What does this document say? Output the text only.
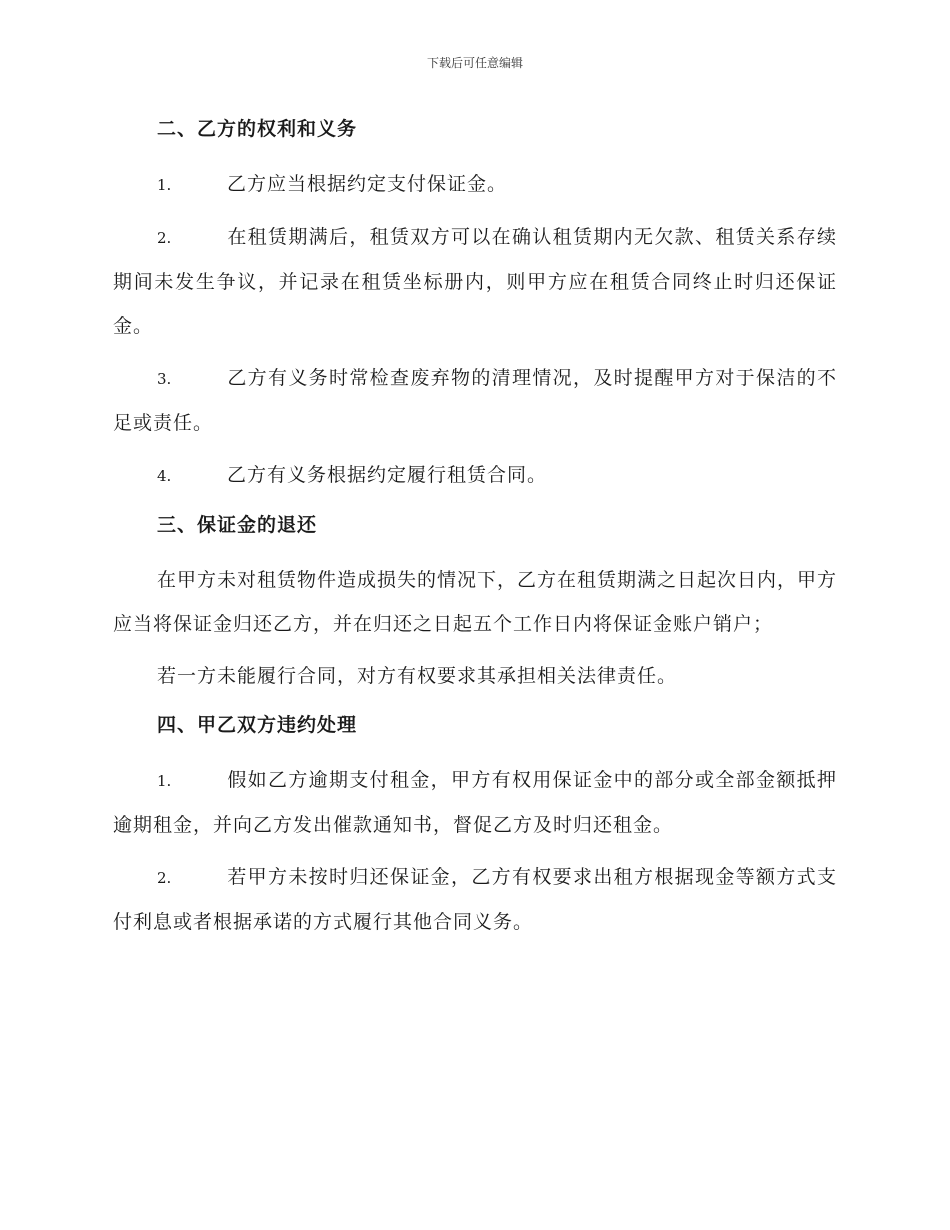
下载后可任意编辑
二、乙方的权利和义务
1.	乙方应当根据约定支付保证金。
2.	在租赁期满后，租赁双方可以在确认租赁期内无欠款、租赁关系存续期间未发生争议，并记录在租赁坐标册内，则甲方应在租赁合同终止时归还保证金。
3.	乙方有义务时常检查废弃物的清理情况，及时提醒甲方对于保洁的不足或责任。
4.	乙方有义务根据约定履行租赁合同。
三、保证金的退还
在甲方未对租赁物件造成损失的情况下，乙方在租赁期满之日起次日内，甲方应当将保证金归还乙方，并在归还之日起五个工作日内将保证金账户销户；
若一方未能履行合同，对方有权要求其承担相关法律责任。
四、甲乙双方违约处理
1.	假如乙方逾期支付租金，甲方有权用保证金中的部分或全部金额抵押逾期租金，并向乙方发出催款通知书，督促乙方及时归还租金。
2.	若甲方未按时归还保证金，乙方有权要求出租方根据现金等额方式支付利息或者根据承诺的方式履行其他合同义务。
